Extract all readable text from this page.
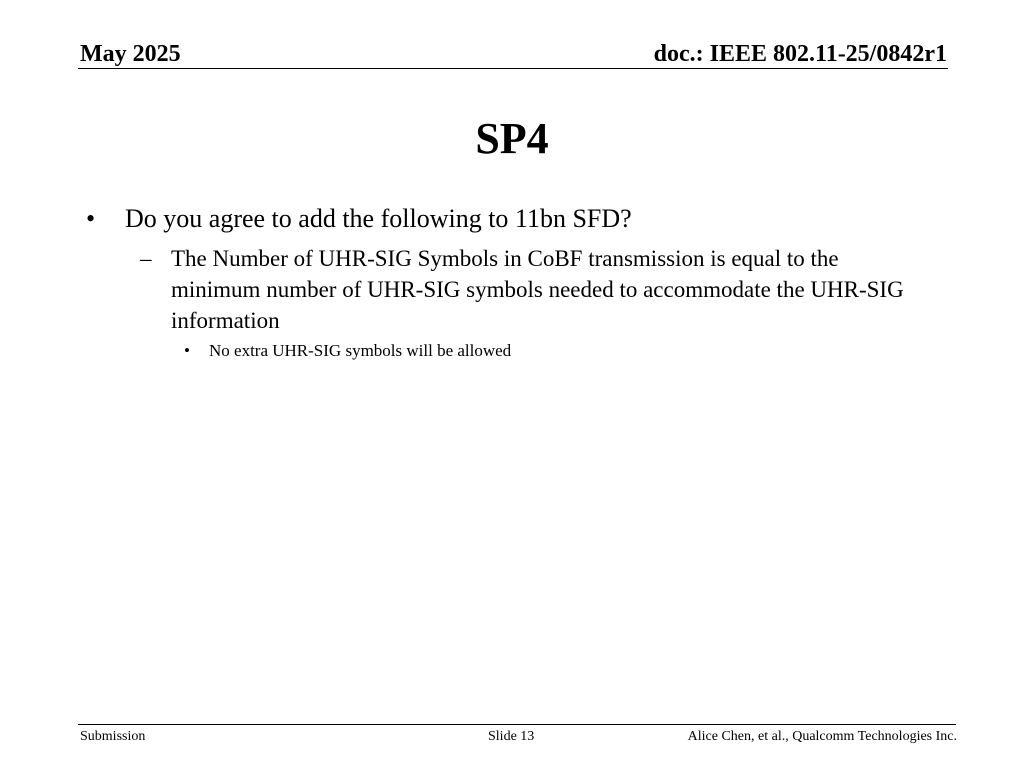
May 2025	doc.: IEEE 802.11-25/0842r1
SP4
• Do you agree to add the following to 11bn SFD?
– The Number of UHR-SIG Symbols in CoBF transmission is equal to the minimum number of UHR-SIG symbols needed to accommodate the UHR-SIG information
• No extra UHR-SIG symbols will be allowed
Submission	Slide 13	Alice Chen, et al., Qualcomm Technologies Inc.
